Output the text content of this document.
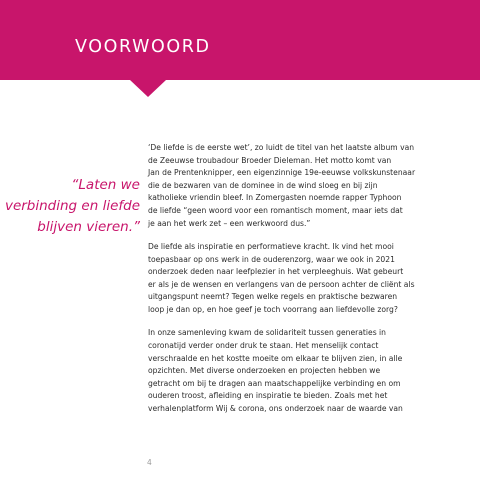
VOORWOORD
“Laten we
verbinding en liefde
blijven vieren.”

‘De liefde is de eerste wet’, zo luidt de titel van het laatste album van
de Zeeuwse troubadour Broeder Dieleman. Het motto komt van
Jan de Prentenknipper, een eigenzinnige 19e-eeuwse volkskunstenaar
die de bezwaren van de dominee in de wind sloeg en bij zijn
katholieke vriendin bleef. In Zomergasten noemde rapper Typhoon
de liefde “geen woord voor een romantisch moment, maar iets dat
je aan het werk zet – een werkwoord dus.”

De liefde als inspiratie en performatieve kracht. Ik vind het mooi
toepasbaar op ons werk in de ouderenzorg, waar we ook in 2021
onderzoek deden naar leefplezier in het verpleeghuis. Wat gebeurt
er als je de wensen en verlangens van de persoon achter de cliënt als
uitgangspunt neemt? Tegen welke regels en praktische bezwaren
loop je dan op, en hoe geef je toch voorrang aan liefdevolle zorg?

In onze samenleving kwam de solidariteit tussen generaties in
coronatijd verder onder druk te staan. Het menselijk contact
verschraalde en het kostte moeite om elkaar te blijven zien, in alle
opzichten. Met diverse onderzoeken en projecten hebben we
getracht om bij te dragen aan maatschappelijke verbinding en om
ouderen troost, afleiding en inspiratie te bieden. Zoals met het
verhalenplatform Wij & corona, ons onderzoek naar de waarde van

4
